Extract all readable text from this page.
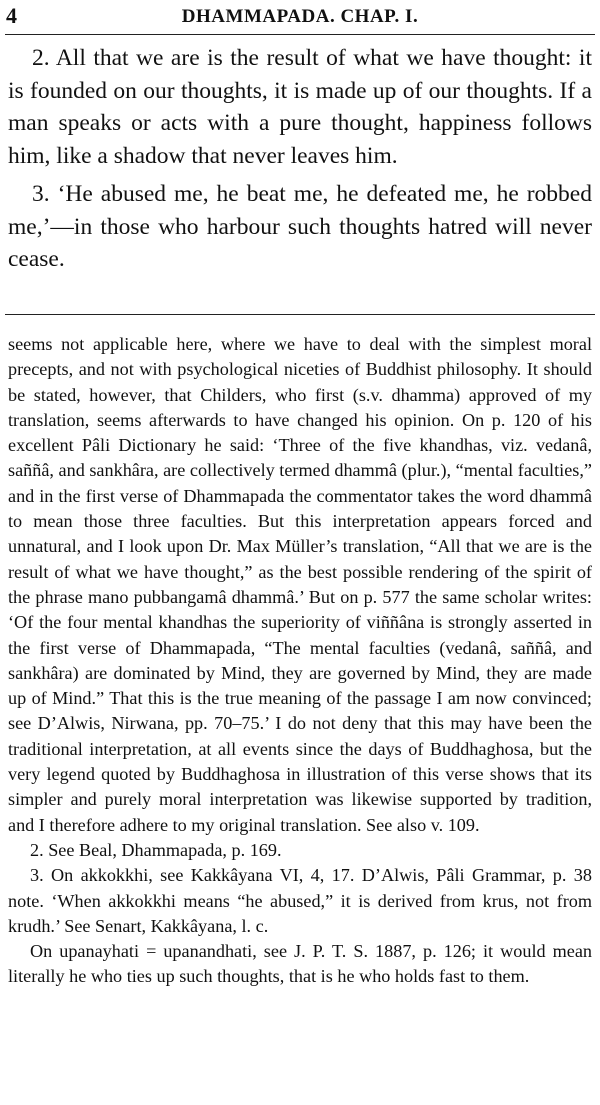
4	DHAMMAPADA. CHAP. I.

2. All that we are is the result of what we have thought: it is founded on our thoughts, it is made up of our thoughts. If a man speaks or acts with a pure thought, happiness follows him, like a shadow that never leaves him.

3. ‘He abused me, he beat me, he defeated me, he robbed me,’—in those who harbour such thoughts hatred will never cease.

seems not applicable here, where we have to deal with the simplest moral precepts, and not with psychological niceties of Buddhist philosophy. It should be stated, however, that Childers, who first (s.v. dhamma) approved of my translation, seems afterwards to have changed his opinion. On p. 120 of his excellent Pâli Dictionary he said: ‘Three of the five khandhas, viz. vedanâ, saññâ, and sankhâra, are collectively termed dhammâ (plur.), “mental faculties,” and in the first verse of Dhammapada the commentator takes the word dhammâ to mean those three faculties. But this interpretation appears forced and unnatural, and I look upon Dr. Max Müller’s translation, “All that we are is the result of what we have thought,” as the best possible rendering of the spirit of the phrase mano pubbangamâ dhammâ.’ But on p. 577 the same scholar writes: ‘Of the four mental khandhas the superiority of viññâna is strongly asserted in the first verse of Dhammapada, “The mental faculties (vedanâ, saññâ, and sankhâra) are dominated by Mind, they are governed by Mind, they are made up of Mind.” That this is the true meaning of the passage I am now convinced; see D’Alwis, Nirwana, pp. 70–75.’ I do not deny that this may have been the traditional interpretation, at all events since the days of Buddhaghosa, but the very legend quoted by Buddhaghosa in illustration of this verse shows that its simpler and purely moral interpretation was likewise supported by tradition, and I therefore adhere to my original translation. See also v. 109.

2. See Beal, Dhammapada, p. 169.

3. On akkokkhi, see Kakkâyana VI, 4, 17. D’Alwis, Pâli Grammar, p. 38 note. ‘When akkokkhi means “he abused,” it is derived from krus, not from krudh.’ See Senart, Kakkâyana, l. c.

On upanayhati = upanandhati, see J. P. T. S. 1887, p. 126; it would mean literally he who ties up such thoughts, that is he who holds fast to them.
